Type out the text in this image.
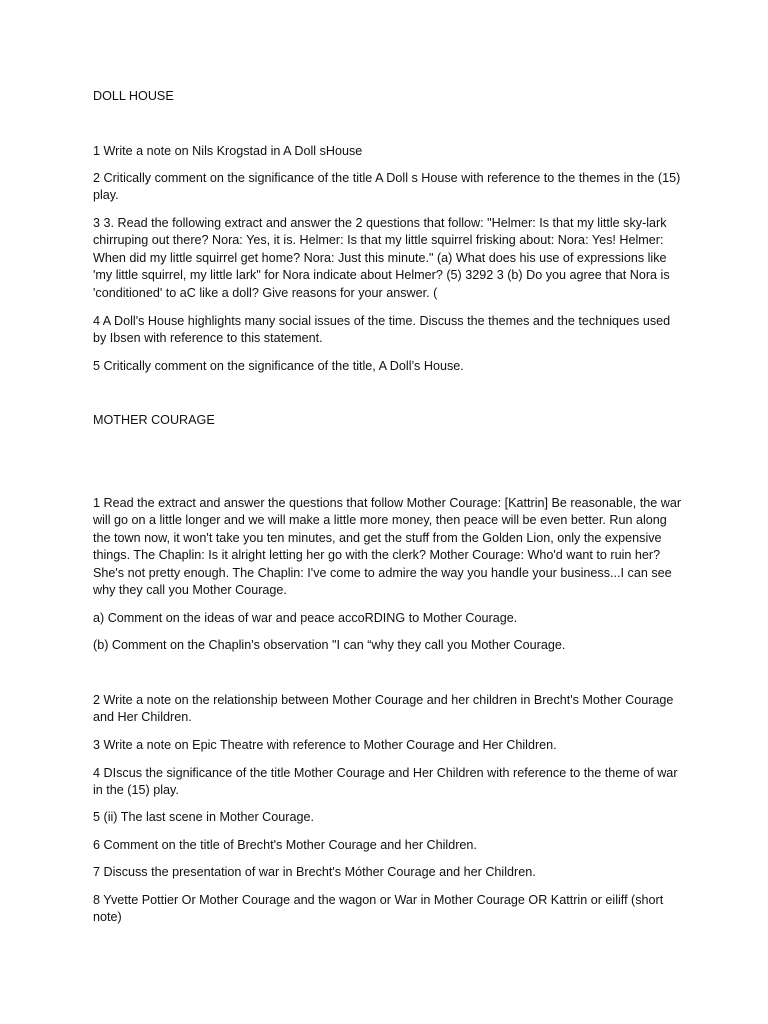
DOLL HOUSE

1 Write a note on Nils Krogstad in A Doll sHouse

2 Critically comment on the significance of the title A Doll s House with reference to the themes in the (15) play.

3 3. Read the following extract and answer the 2 questions that follow: "Helmer: Is that my little sky-lark chirruping out there? Nora: Yes, it is. Helmer: Is that my little squirrel frisking about: Nora: Yes! Helmer: When did my little squirrel get home? Nora: Just this minute." (a) What does his use of expressions like 'my little squirrel, my little lark" for Nora indicate about Helmer? (5) 3292 3 (b) Do you agree that Nora is 'conditioned' to aC like a doll? Give reasons for your answer. (

4 A Doll's House highlights many social issues of the time. Discuss the themes and the techniques used by Ibsen with reference to this statement.

5 Critically comment on the significance of the title, A Doll’s House.

MOTHER COURAGE

1 Read the extract and answer the questions that follow Mother Courage: [Kattrin] Be reasonable, the war will go on a little longer and we will make a little more money, then peace will be even better. Run along the town now, it won't take you ten minutes, and get the stuff from the Golden Lion, only the expensive things. The Chaplin: Is it alright letting her go with the clerk? Mother Courage: Who'd want to ruin her? She's not pretty enough. The Chaplin: I've come to admire the way you handle your business...I can see why they call you Mother Courage.

a) Comment on the ideas of war and peace accoRDING to Mother Courage.

(b) Comment on the Chaplin's observation "I can “why they call you Mother Courage.

2 Write a note on the relationship between Mother Courage and her children in Brecht's Mother Courage and Her Children.

3 Write a note on Epic Theatre with reference to Mother Courage and Her Children.

4 DIscus the significance of the title Mother Courage and Her Children with reference to the theme of war in the (15) play.

5 (ii) The last scene in Mother Courage.

6 Comment on the title of Brecht's Mother Courage and her Children.

7 Discuss the presentation of war in Brecht's Móther Courage and her Children.

8 Yvette Pottier Or Mother Courage and the wagon or War in Mother Courage OR Kattrin or eiliff (short note)
